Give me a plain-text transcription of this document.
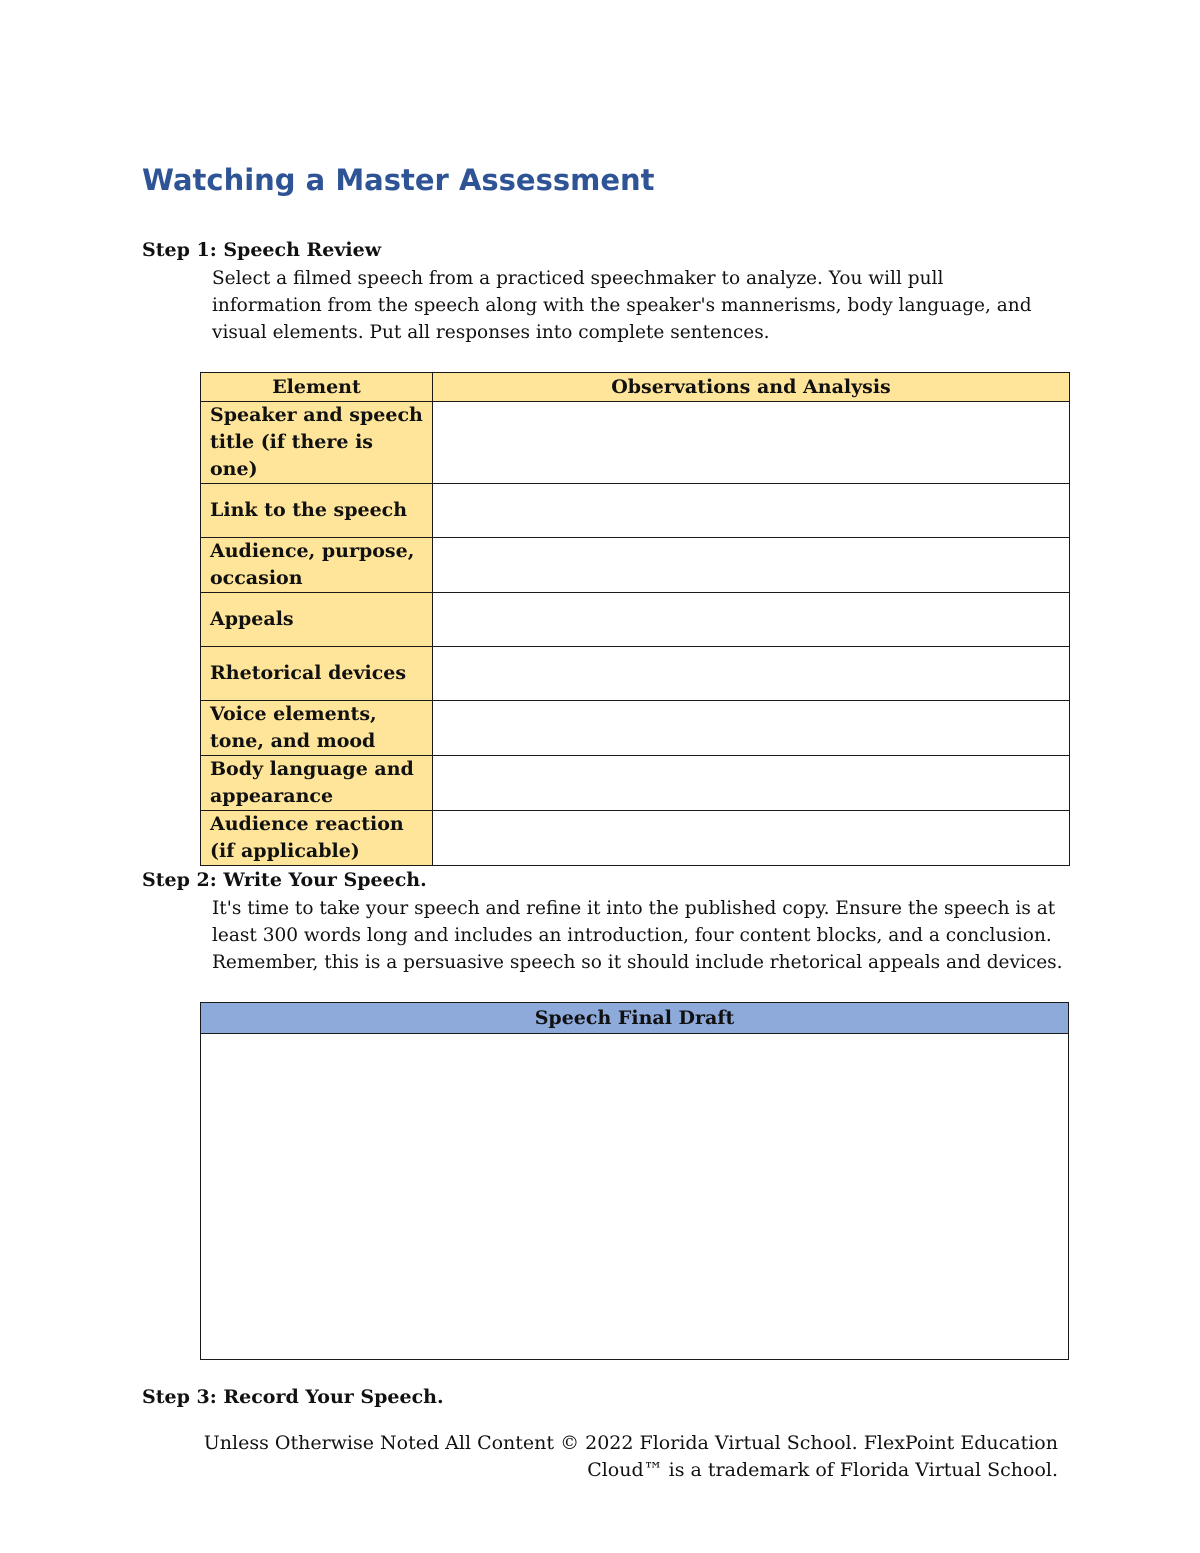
Watching a Master Assessment
Step 1: Speech Review
Select a filmed speech from a practiced speechmaker to analyze. You will pull
information from the speech along with the speaker's mannerisms, body language, and
visual elements. Put all responses into complete sentences.
Element	Observations and Analysis

Speaker and speech
title (if there is one)	

Link to the speech	

Audience, purpose,
occasion	

Appeals	

Rhetorical devices	

Voice elements,
tone, and mood	

Body language and
appearance	

Audience reaction
(if applicable)	

Step 2: Write Your Speech.
It's time to take your speech and refine it into the published copy. Ensure the speech is at
least 300 words long and includes an introduction, four content blocks, and a conclusion.
Remember, this is a persuasive speech so it should include rhetorical appeals and devices.
Speech Final Draft

Step 3: Record Your Speech.
Unless Otherwise Noted All Content © 2022 Florida Virtual School. FlexPoint Education
Cloud™ is a trademark of Florida Virtual School.
